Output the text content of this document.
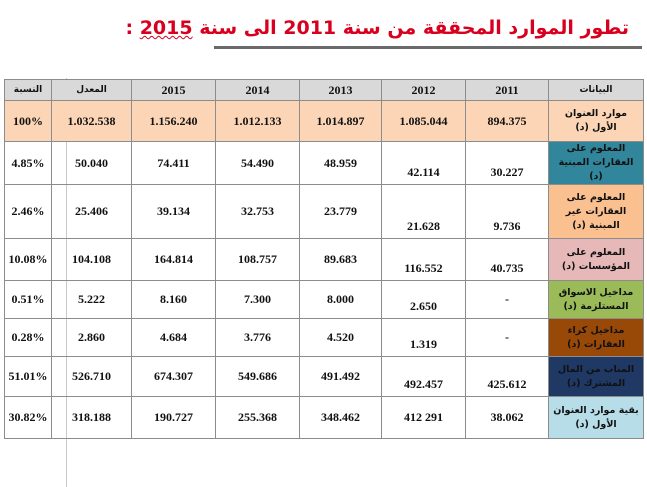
تطور الموارد المحققة من سنة 2011 الى سنة 2015 :
النسبة	المعدل	2015	2014	2013	2012	2011	البيانات
100%	1.032.538	1.156.240	1.012.133	1.014.897	1.085.044	894.375	موارد العنوان الأول (د)
4.85%	50.040	74.411	54.490	48.959	42.114	30.227	المعلوم على العقارات المبنية (د)
2.46%	25.406	39.134	32.753	23.779	21.628	9.736	المعلوم على العقارات غير المبنية (د)
10.08%	104.108	164.814	108.757	89.683	116.552	40.735	المعلوم على المؤسسات (د)
0.51%	5.222	8.160	7.300	8.000	2.650	-	مداخيل الاسواق المستلزمة (د)
0.28%	2.860	4.684	3.776	4.520	1.319	-	مداخيل كراء العقارات (د)
51.01%	526.710	674.307	549.686	491.492	492.457	425.612	المناب من المال المشترك (د)
30.82%	318.188	190.727	255.368	348.462	412 291	38.062	بقية موارد العنوان الأول (د)
